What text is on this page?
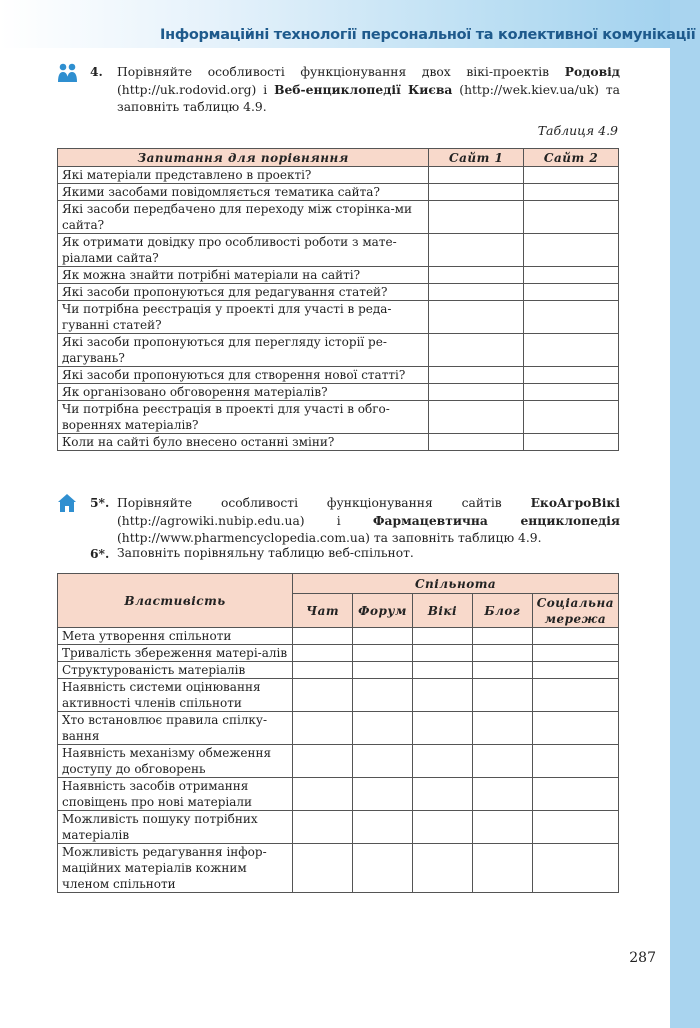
Інформаційні технології персональної та колективної комунікації
4. Порівняйте особливості функціонування двох вікі-проектів Родовід (http://uk.rodovid.org) і Веб-енциклопедії Києва (http://wek.kiev.ua/uk) та заповніть таблицю 4.9.
Таблиця 4.9
Запитання для порівняння	Сайт 1	Сайт 2
Які матеріали представлено в проекті?		
Якими засобами повідомляється тематика сайта?		
Які засоби передбачено для переходу між сторінка-ми сайта?		
Як отримати довідку про особливості роботи з мате-ріалами сайта?		
Як можна знайти потрібні матеріали на сайті?		
Які засоби пропонуються для редагування статей?		
Чи потрібна реєстрація у проекті для участі в реда-гуванні статей?		
Які засоби пропонуються для перегляду історії ре-дагувань?		
Які засоби пропонуються для створення нової статті?		
Як організовано обговорення матеріалів?		
Чи потрібна реєстрація в проекті для участі в обго-вореннях матеріалів?		
Коли на сайті було внесено останні зміни?		
5*. Порівняйте особливості функціонування сайтів ЕкоАгроВікі (http://agrowiki.nubip.edu.ua) і Фармацевтична енциклопедія (http://www.pharmencyclopedia.com.ua) та заповніть таблицю 4.9.
6*. Заповніть порівняльну таблицю веб-спільнот.
Властивість	Спільнота				
	Чат	Форум	Вікі	Блог	Соціальна мережа
Мета утворення спільноти					
Тривалість збереження матері-алів					
Структурованість матеріалів					
Наявність системи оцінювання активності членів спільноти					
Хто встановлює правила спілку-вання					
Наявність механізму обмеження доступу до обговорень					
Наявність засобів отримання сповіщень про нові матеріали					
Можливість пошуку потрібних матеріалів					
Можливість редагування інфор-маційних матеріалів кожним членом спільноти					
287
